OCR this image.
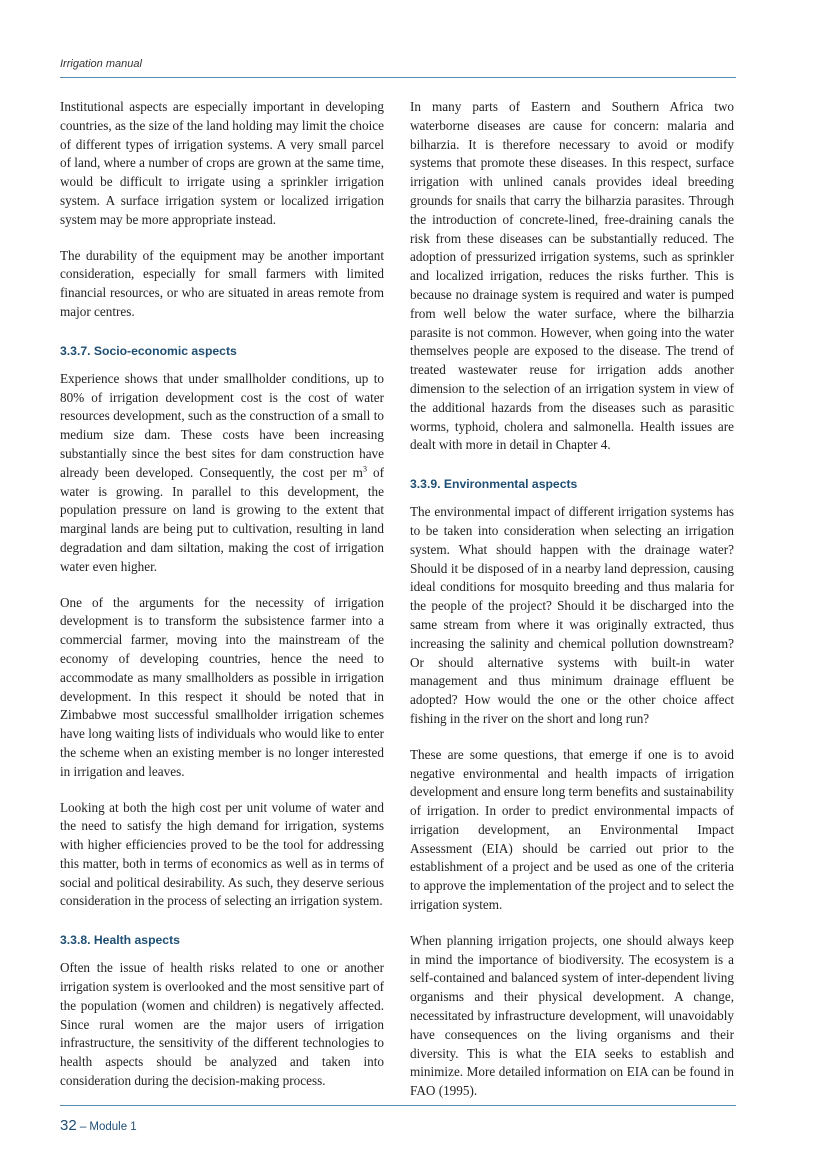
Irrigation manual

Institutional aspects are especially important in developing countries, as the size of the land holding may limit the choice of different types of irrigation systems. A very small parcel of land, where a number of crops are grown at the same time, would be difficult to irrigate using a sprinkler irrigation system. A surface irrigation system or localized irrigation system may be more appropriate instead.

The durability of the equipment may be another important consideration, especially for small farmers with limited financial resources, or who are situated in areas remote from major centres.

3.3.7. Socio-economic aspects

Experience shows that under smallholder conditions, up to 80% of irrigation development cost is the cost of water resources development, such as the construction of a small to medium size dam. These costs have been increasing substantially since the best sites for dam construction have already been developed. Consequently, the cost per $m^3$ of water is growing. In parallel to this development, the population pressure on land is growing to the extent that marginal lands are being put to cultivation, resulting in land degradation and dam siltation, making the cost of irrigation water even higher.

One of the arguments for the necessity of irrigation development is to transform the subsistence farmer into a commercial farmer, moving into the mainstream of the economy of developing countries, hence the need to accommodate as many smallholders as possible in irrigation development. In this respect it should be noted that in Zimbabwe most successful smallholder irrigation schemes have long waiting lists of individuals who would like to enter the scheme when an existing member is no longer interested in irrigation and leaves.

Looking at both the high cost per unit volume of water and the need to satisfy the high demand for irrigation, systems with higher efficiencies proved to be the tool for addressing this matter, both in terms of economics as well as in terms of social and political desirability. As such, they deserve serious consideration in the process of selecting an irrigation system.

3.3.8. Health aspects

Often the issue of health risks related to one or another irrigation system is overlooked and the most sensitive part of the population (women and children) is negatively affected. Since rural women are the major users of irrigation infrastructure, the sensitivity of the different technologies to health aspects should be analyzed and taken into consideration during the decision-making process.

In many parts of Eastern and Southern Africa two waterborne diseases are cause for concern: malaria and bilharzia. It is therefore necessary to avoid or modify systems that promote these diseases. In this respect, surface irrigation with unlined canals provides ideal breeding grounds for snails that carry the bilharzia parasites. Through the introduction of concrete-lined, free-draining canals the risk from these diseases can be substantially reduced. The adoption of pressurized irrigation systems, such as sprinkler and localized irrigation, reduces the risks further. This is because no drainage system is required and water is pumped from well below the water surface, where the bilharzia parasite is not common. However, when going into the water themselves people are exposed to the disease. The trend of treated wastewater reuse for irrigation adds another dimension to the selection of an irrigation system in view of the additional hazards from the diseases such as parasitic worms, typhoid, cholera and salmonella. Health issues are dealt with more in detail in Chapter 4.

3.3.9. Environmental aspects

The environmental impact of different irrigation systems has to be taken into consideration when selecting an irrigation system. What should happen with the drainage water? Should it be disposed of in a nearby land depression, causing ideal conditions for mosquito breeding and thus malaria for the people of the project? Should it be discharged into the same stream from where it was originally extracted, thus increasing the salinity and chemical pollution downstream? Or should alternative systems with built-in water management and thus minimum drainage effluent be adopted? How would the one or the other choice affect fishing in the river on the short and long run?

These are some questions, that emerge if one is to avoid negative environmental and health impacts of irrigation development and ensure long term benefits and sustainability of irrigation. In order to predict environmental impacts of irrigation development, an Environmental Impact Assessment (EIA) should be carried out prior to the establishment of a project and be used as one of the criteria to approve the implementation of the project and to select the irrigation system.

When planning irrigation projects, one should always keep in mind the importance of biodiversity. The ecosystem is a self-contained and balanced system of inter-dependent living organisms and their physical development. A change, necessitated by infrastructure development, will unavoidably have consequences on the living organisms and their diversity. This is what the EIA seeks to establish and minimize. More detailed information on EIA can be found in FAO (1995).

32 – Module 1
